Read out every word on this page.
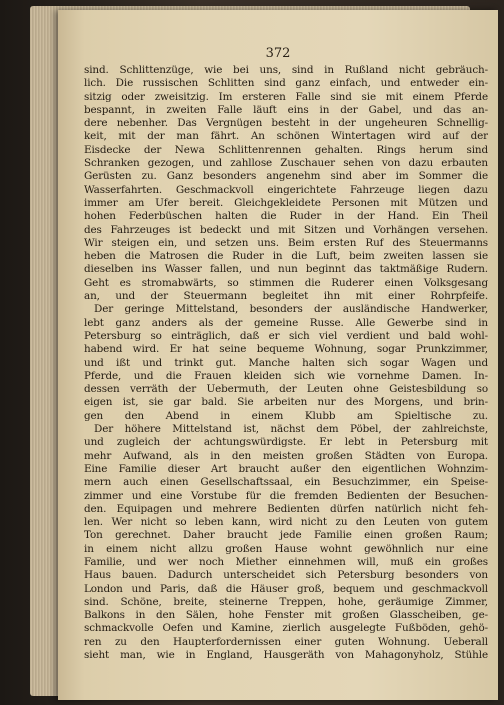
372
sind. Schlittenzüge, wie bei uns, sind in Rußland nicht gebräuch-
lich. Die russischen Schlitten sind ganz einfach, und entweder ein-
sitzig oder zweisitzig. Im ersteren Falle sind sie mit einem Pferde
bespannt, in zweiten Falle läuft eins in der Gabel, und das an-
dere nebenher. Das Vergnügen besteht in der ungeheuren Schnellig-
keit, mit der man fährt. An schönen Wintertagen wird auf der
Eisdecke der Newa Schlittenrennen gehalten. Rings herum sind
Schranken gezogen, und zahllose Zuschauer sehen von dazu erbauten
Gerüsten zu. Ganz besonders angenehm sind aber im Sommer die
Wasserfahrten. Geschmackvoll eingerichtete Fahrzeuge liegen dazu
immer am Ufer bereit. Gleichgekleidete Personen mit Mützen und
hohen Federbüschen halten die Ruder in der Hand. Ein Theil
des Fahrzeuges ist bedeckt und mit Sitzen und Vorhängen versehen.
Wir steigen ein, und setzen uns. Beim ersten Ruf des Steuermanns
heben die Matrosen die Ruder in die Luft, beim zweiten lassen sie
dieselben ins Wasser fallen, und nun beginnt das taktmäßige Rudern.
Geht es stromabwärts, so stimmen die Ruderer einen Volksgesang
an, und der Steuermann begleitet ihn mit einer Rohrpfeife.
Der geringe Mittelstand, besonders der ausländische Handwerker,
lebt ganz anders als der gemeine Russe. Alle Gewerbe sind in
Petersburg so einträglich, daß er sich viel verdient und bald wohl-
habend wird. Er hat seine bequeme Wohnung, sogar Prunkzimmer,
und ißt und trinkt gut. Manche halten sich sogar Wagen und
Pferde, und die Frauen kleiden sich wie vornehme Damen. In-
dessen verräth der Uebermuth, der Leuten ohne Geistesbildung so
eigen ist, sie gar bald. Sie arbeiten nur des Morgens, und brin-
gen den Abend in einem Klubb am Spieltische zu.
Der höhere Mittelstand ist, nächst dem Pöbel, der zahlreichste,
und zugleich der achtungswürdigste. Er lebt in Petersburg mit
mehr Aufwand, als in den meisten großen Städten von Europa.
Eine Familie dieser Art braucht außer den eigentlichen Wohnzim-
mern auch einen Gesellschaftssaal, ein Besuchzimmer, ein Speise-
zimmer und eine Vorstube für die fremden Bedienten der Besuchen-
den. Equipagen und mehrere Bedienten dürfen natürlich nicht feh-
len. Wer nicht so leben kann, wird nicht zu den Leuten von gutem
Ton gerechnet. Daher braucht jede Familie einen großen Raum;
in einem nicht allzu großen Hause wohnt gewöhnlich nur eine
Familie, und wer noch Miether einnehmen will, muß ein großes
Haus bauen. Dadurch unterscheidet sich Petersburg besonders von
London und Paris, daß die Häuser groß, bequem und geschmackvoll
sind. Schöne, breite, steinerne Treppen, hohe, geräumige Zimmer,
Balkons in den Sälen, hohe Fenster mit großen Glasscheiben, ge-
schmackvolle Oefen und Kamine, zierlich ausgelegte Fußböden, gehö-
ren zu den Haupterfordernissen einer guten Wohnung. Ueberall
sieht man, wie in England, Hausgeräth von Mahagonyholz, Stühle
